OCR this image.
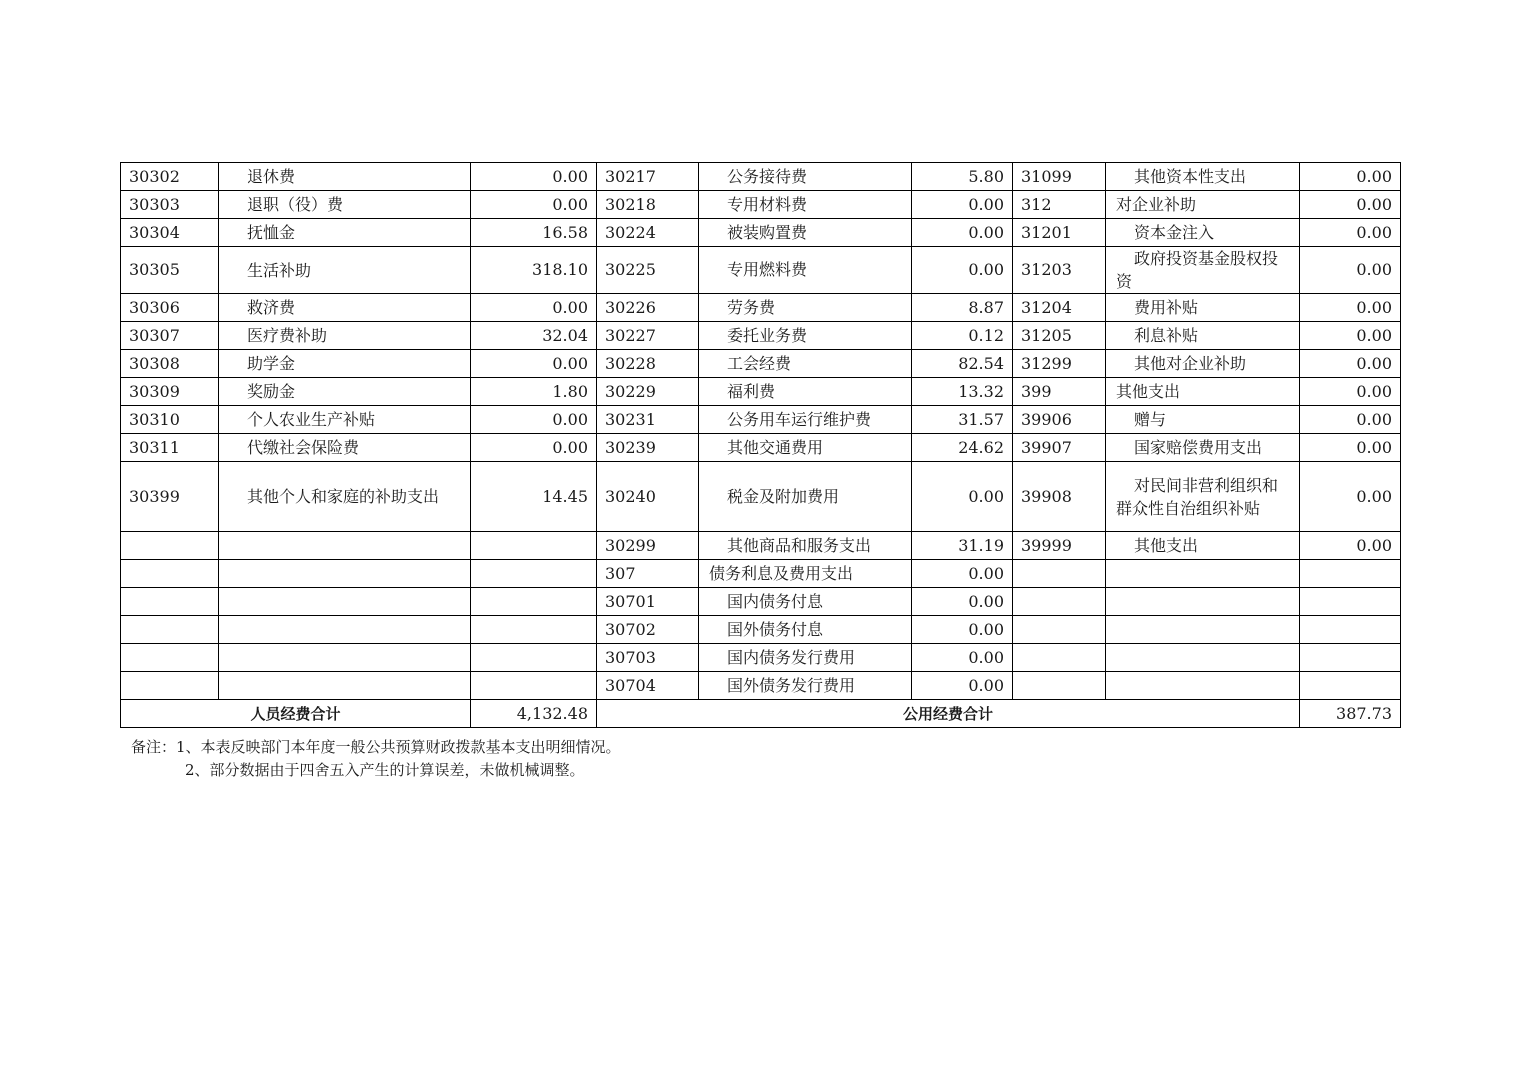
30302	退休费	0.00	30217	公务接待费	5.80	31099	其他资本性支出	0.00
30303	退职（役）费	0.00	30218	专用材料费	0.00	312	对企业补助	0.00
30304	抚恤金	16.58	30224	被装购置费	0.00	31201	资本金注入	0.00
30305	生活补助	318.10	30225	专用燃料费	0.00	31203	政府投资基金股权投资	0.00
30306	救济费	0.00	30226	劳务费	8.87	31204	费用补贴	0.00
30307	医疗费补助	32.04	30227	委托业务费	0.12	31205	利息补贴	0.00
30308	助学金	0.00	30228	工会经费	82.54	31299	其他对企业补助	0.00
30309	奖励金	1.80	30229	福利费	13.32	399	其他支出	0.00
30310	个人农业生产补贴	0.00	30231	公务用车运行维护费	31.57	39906	赠与	0.00
30311	代缴社会保险费	0.00	30239	其他交通费用	24.62	39907	国家赔偿费用支出	0.00
30399	其他个人和家庭的补助支出	14.45	30240	税金及附加费用	0.00	39908	对民间非营利组织和群众性自治组织补贴	0.00
			30299	其他商品和服务支出	31.19	39999	其他支出	0.00
			307	债务利息及费用支出	0.00			
			30701	国内债务付息	0.00			
			30702	国外债务付息	0.00			
			30703	国内债务发行费用	0.00			
			30704	国外债务发行费用	0.00			
人员经费合计		4,132.48	公用经费合计					387.73
备注：1、本表反映部门本年度一般公共预算财政拨款基本支出明细情况。
2、部分数据由于四舍五入产生的计算误差，未做机械调整。
